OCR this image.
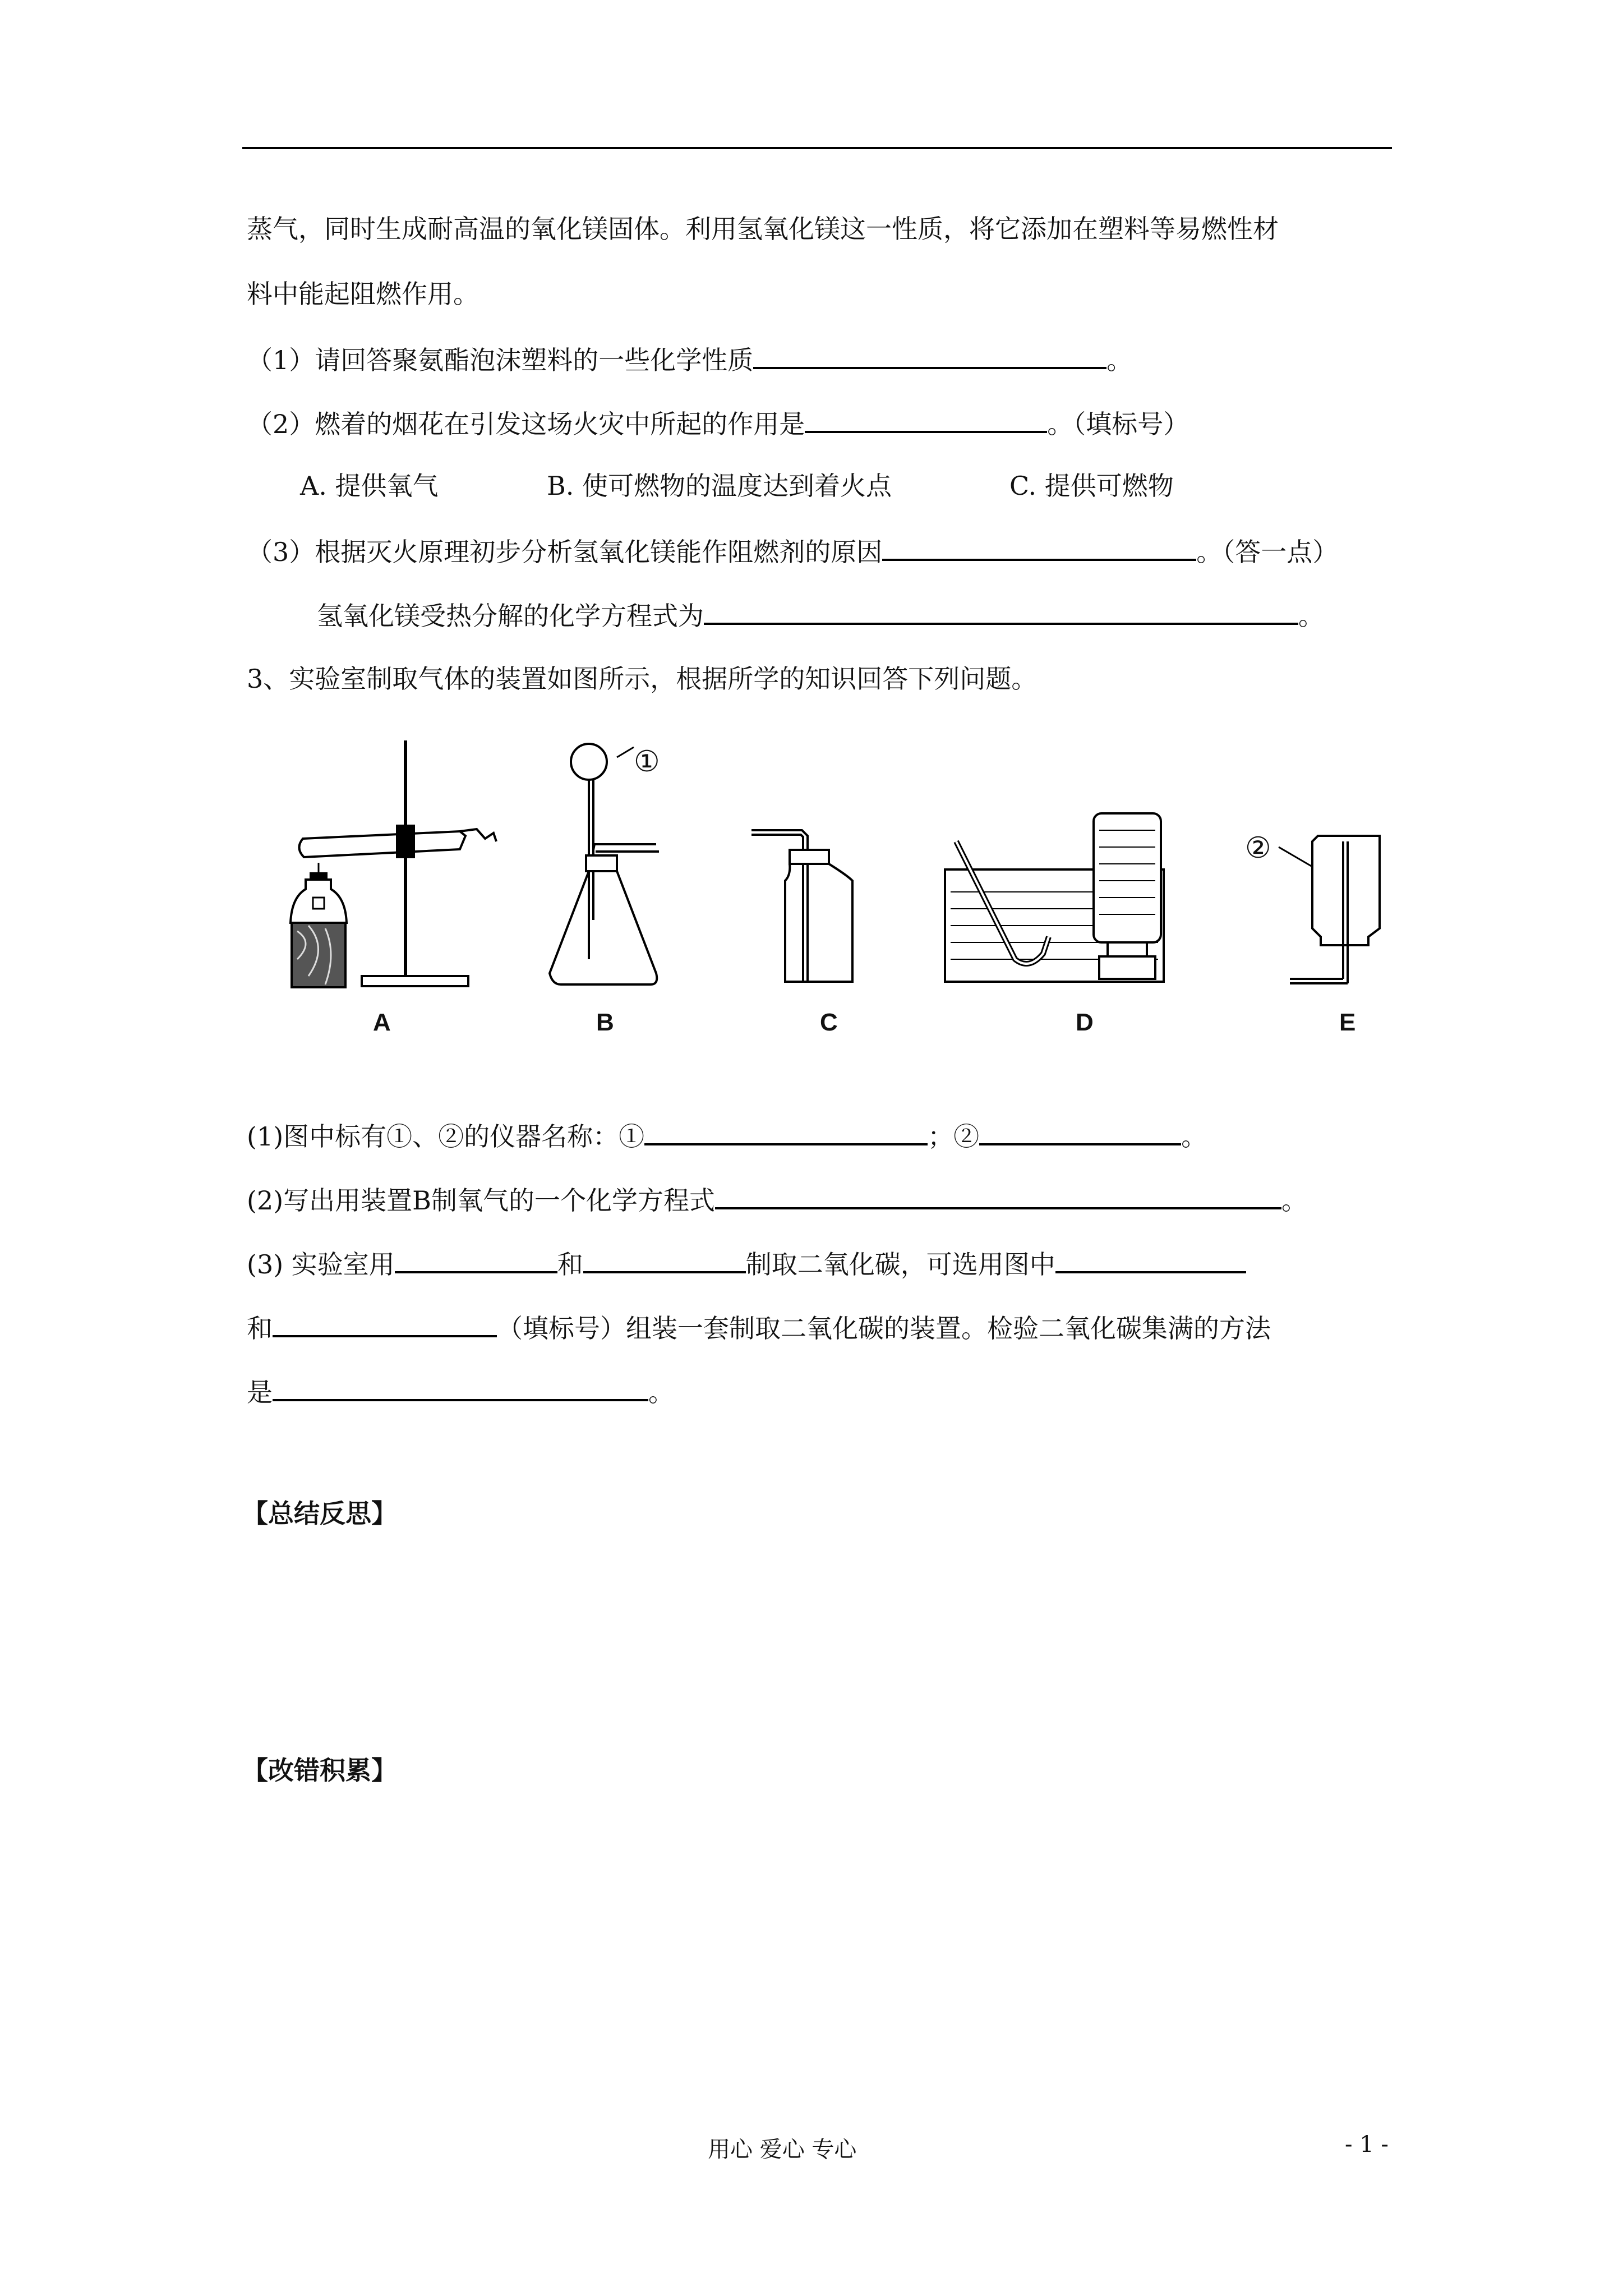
蒸气，同时生成耐高温的氧化镁固体。利用氢氧化镁这一性质，将它添加在塑料等易燃性材
料中能起阻燃作用。
（1）请回答聚氨酯泡沫塑料的一些化学性质	。
（2）燃着的烟花在引发这场火灾中所起的作用是	。（填标号）
A. 提供氧气	B. 使可燃物的温度达到着火点	C. 提供可燃物
（3）根据灭火原理初步分析氢氧化镁能作阻燃剂的原因	。（答一点）
氢氧化镁受热分解的化学方程式为	。
3、实验室制取气体的装置如图所示，根据所学的知识回答下列问题。
①
②
A	B	C	D	E
(1)图中标有①、②的仪器名称：①	；②	。
(2)写出用装置B制氧气的一个化学方程式	。
(3) 实验室用	和	制取二氧化碳，可选用图中
和	（填标号）组装一套制取二氧化碳的装置。检验二氧化碳集满的方法
是	。
【总结反思】
【改错积累】
用心 爱心 专心	- 1 -
